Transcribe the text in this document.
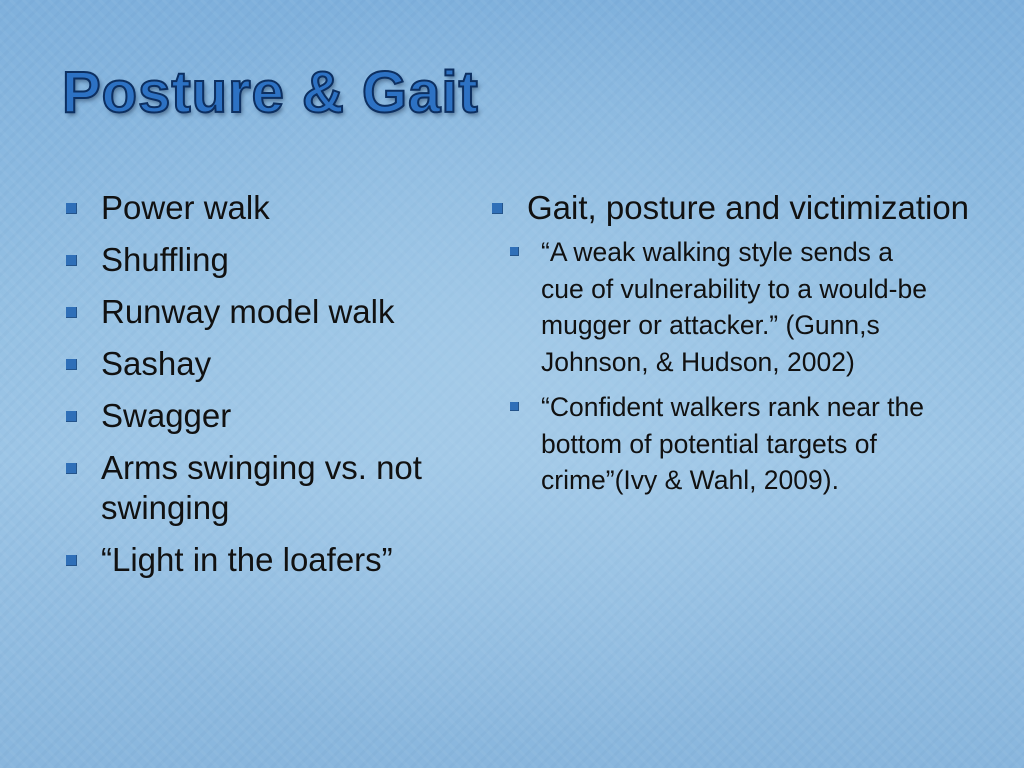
Posture & Gait
Power walk
Shuffling
Runway model walk
Sashay
Swagger
Arms swinging vs. not swinging
“Light in the loafers”
Gait, posture and victimization
“A weak walking style sends a cue of vulnerability to a would-be mugger or attacker.” (Gunn,s Johnson, & Hudson, 2002)
“Confident walkers rank near the bottom of potential targets of crime”(Ivy & Wahl, 2009).
